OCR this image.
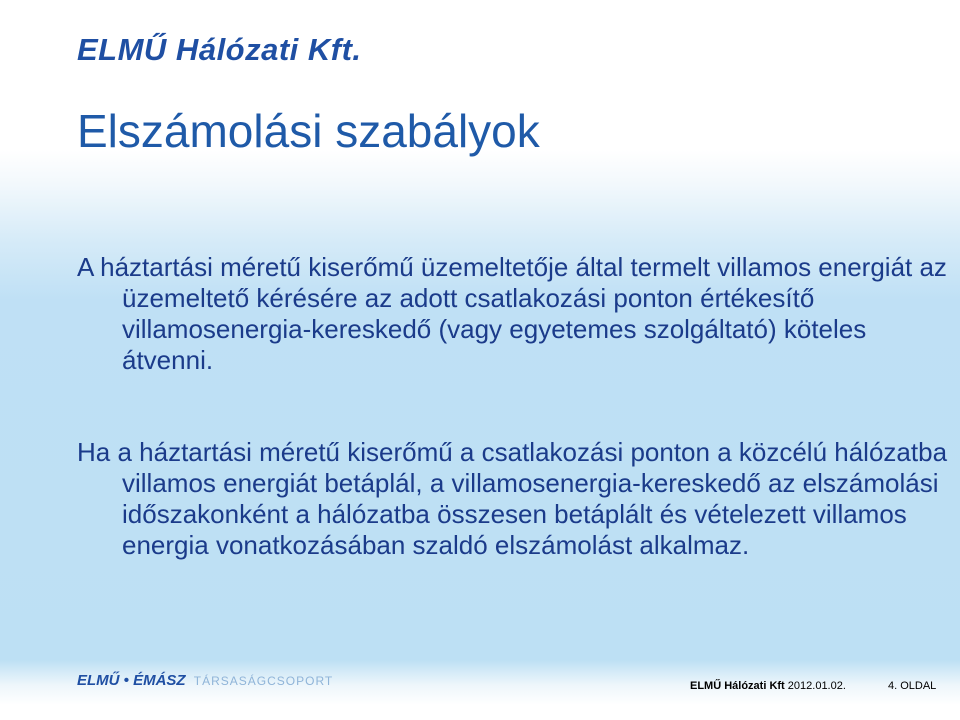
ELMŰ Hálózati Kft.
Elszámolási szabályok

A háztartási méretű kiserőmű üzemeltetője által termelt villamos energiát az üzemeltető kérésére az adott csatlakozási ponton értékesítő villamosenergia-kereskedő (vagy egyetemes szolgáltató) köteles átvenni.

Ha a háztartási méretű kiserőmű a csatlakozási ponton a közcélú hálózatba villamos energiát betáplál, a villamosenergia-kereskedő az elszámolási időszakonként a hálózatba összesen betáplált és vételezett villamos energia vonatkozásában szaldó elszámolást alkalmaz.

ELMŰ • ÉMÁSZ TÁRSASÁGCSOPORT	ELMŰ Hálózati Kft 2012.01.02.	4. OLDAL
